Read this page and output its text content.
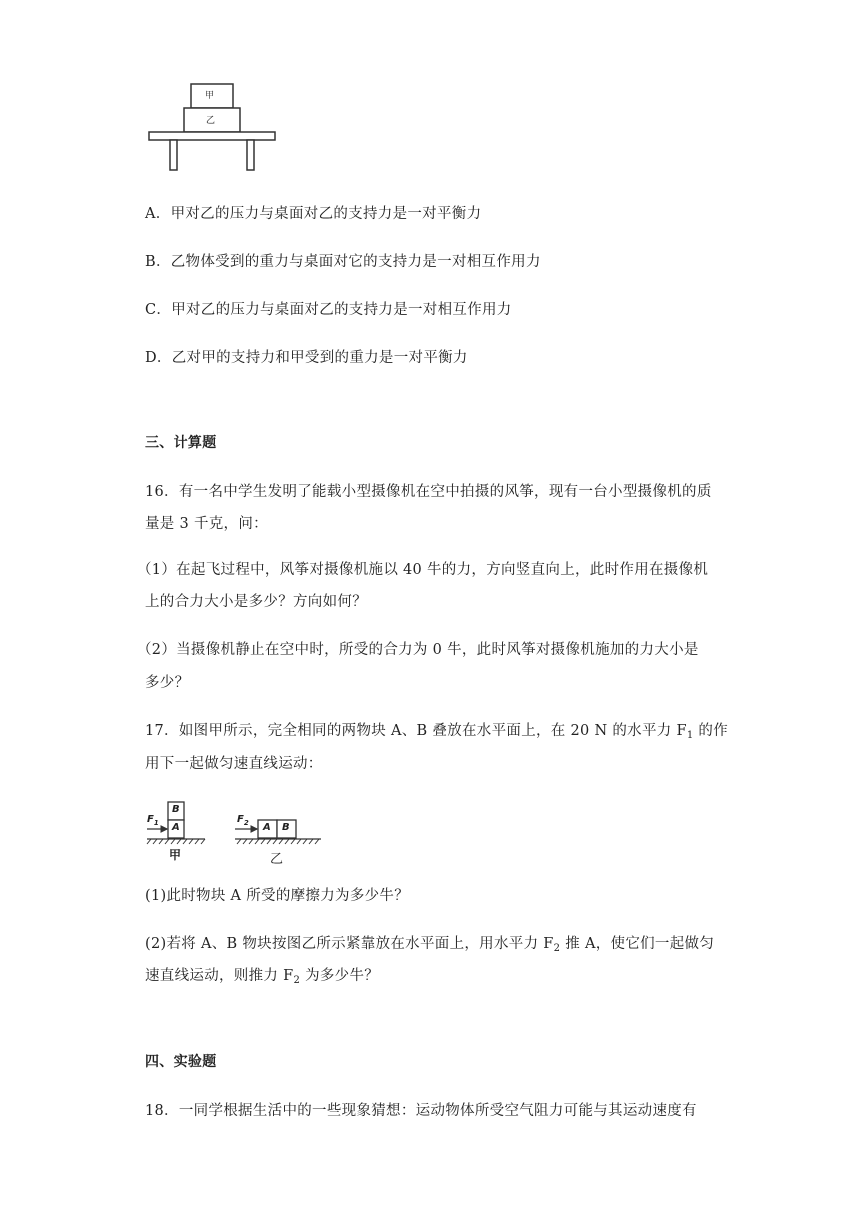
甲
乙
A．甲对乙的压力与桌面对乙的支持力是一对平衡力
B．乙物体受到的重力与桌面对它的支持力是一对相互作用力
C．甲对乙的压力与桌面对乙的支持力是一对相互作用力
D．乙对甲的支持力和甲受到的重力是一对平衡力
三、计算题
16．有一名中学生发明了能载小型摄像机在空中拍摄的风筝，现有一台小型摄像机的质
量是 3 千克，问：
（1）在起飞过程中，风筝对摄像机施以 40 牛的力，方向竖直向上，此时作用在摄像机
上的合力大小是多少？方向如何？
（2）当摄像机静止在空中时，所受的合力为 0 牛，此时风筝对摄像机施加的力大小是
多少？
17．如图甲所示，完全相同的两物块 A、B 叠放在水平面上，在 20 N 的水平力 $F_1$ 的作
用下一起做匀速直线运动：
B
A
$F_1$	A B
$F_2$
甲	乙
(1)此时物块 A 所受的摩擦力为多少牛？
(2)若将 A、B 物块按图乙所示紧靠放在水平面上，用水平力 $F_2$ 推 A，使它们一起做匀
速直线运动，则推力 $F_2$ 为多少牛？
四、实验题
18．一同学根据生活中的一些现象猜想：运动物体所受空气阻力可能与其运动速度有
